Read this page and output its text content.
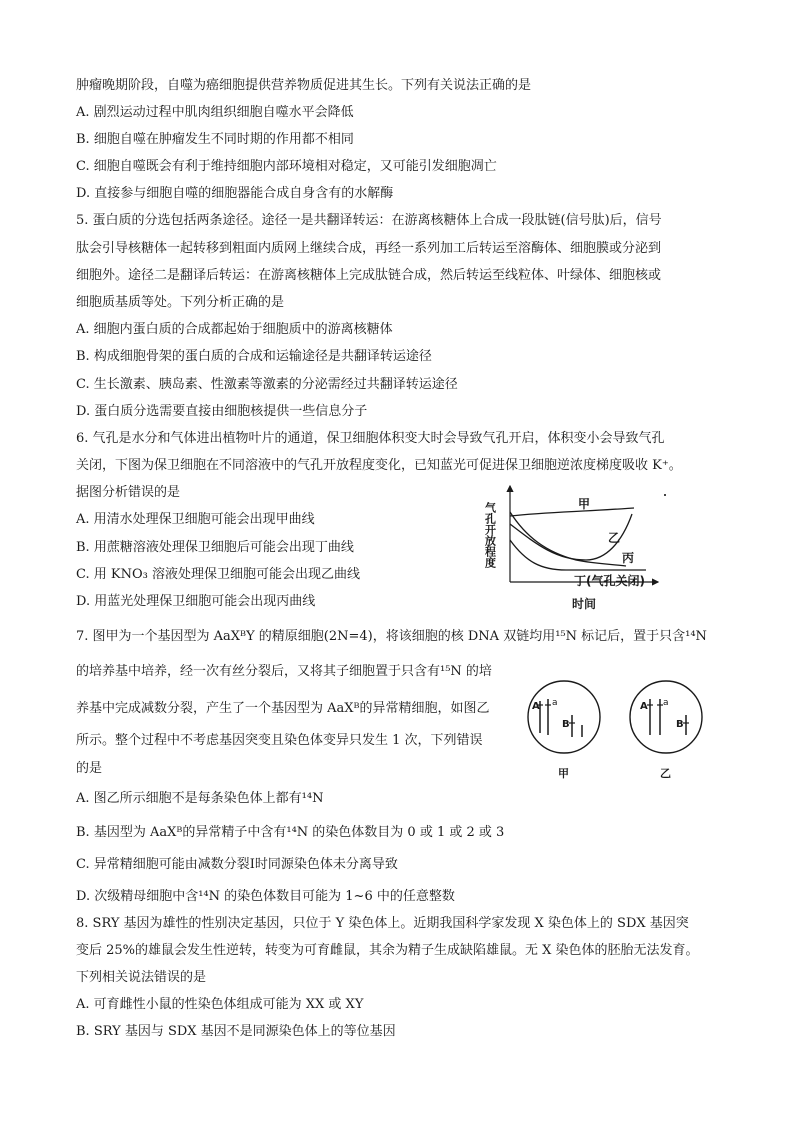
肿瘤晚期阶段，自噬为癌细胞提供营养物质促进其生长。下列有关说法正确的是
A. 剧烈运动过程中肌肉组织细胞自噬水平会降低
B. 细胞自噬在肿瘤发生不同时期的作用都不相同
C. 细胞自噬既会有利于维持细胞内部环境相对稳定，又可能引发细胞凋亡
D. 直接参与细胞自噬的细胞器能合成自身含有的水解酶
5. 蛋白质的分选包括两条途径。途径一是共翻译转运：在游离核糖体上合成一段肽链(信号肽)后，信号
肽会引导核糖体一起转移到粗面内质网上继续合成，再经一系列加工后转运至溶酶体、细胞膜或分泌到
细胞外。途径二是翻译后转运：在游离核糖体上完成肽链合成，然后转运至线粒体、叶绿体、细胞核或
细胞质基质等处。下列分析正确的是
A. 细胞内蛋白质的合成都起始于细胞质中的游离核糖体
B. 构成细胞骨架的蛋白质的合成和运输途径是共翻译转运途径
C. 生长激素、胰岛素、性激素等激素的分泌需经过共翻译转运途径
D. 蛋白质分选需要直接由细胞核提供一些信息分子
6. 气孔是水分和气体进出植物叶片的通道，保卫细胞体积变大时会导致气孔开启，体积变小会导致气孔
关闭，下图为保卫细胞在不同溶液中的气孔开放程度变化，已知蓝光可促进保卫细胞逆浓度梯度吸收 K⁺。
据图分析错误的是
A. 用清水处理保卫细胞可能会出现甲曲线
B. 用蔗糖溶液处理保卫细胞后可能会出现丁曲线
C. 用 KNO₃ 溶液处理保卫细胞可能会出现乙曲线
D. 用蓝光处理保卫细胞可能会出现丙曲线
气孔开放程度
时间
甲
乙
丙
丁(气孔关闭)
7. 图甲为一个基因型为 AaXᴮY 的精原细胞(2N=4)，将该细胞的核 DNA 双链均用¹⁵N 标记后，置于只含¹⁴N
的培养基中培养，经一次有丝分裂后，又将其子细胞置于只含有¹⁵N 的培
养基中完成减数分裂，产生了一个基因型为 AaXᴮ的异常精细胞，如图乙
所示。整个过程中不考虑基因突变且染色体变异只发生 1 次，下列错误
的是
A. 图乙所示细胞不是每条染色体上都有¹⁴N
B. 基因型为 AaXᴮ的异常精子中含有¹⁴N 的染色体数目为 0 或 1 或 2 或 3
C. 异常精细胞可能由减数分裂Ⅰ时同源染色体未分离导致
D. 次级精母细胞中含¹⁴N 的染色体数目可能为 1~6 中的任意整数
A a
B
甲
A a
B
乙
8. SRY 基因为雄性的性别决定基因，只位于 Y 染色体上。近期我国科学家发现 X 染色体上的 SDX 基因突
变后 25%的雄鼠会发生性逆转，转变为可育雌鼠，其余为精子生成缺陷雄鼠。无 X 染色体的胚胎无法发育。
下列相关说法错误的是
A. 可育雌性小鼠的性染色体组成可能为 XX 或 XY
B. SRY 基因与 SDX 基因不是同源染色体上的等位基因
